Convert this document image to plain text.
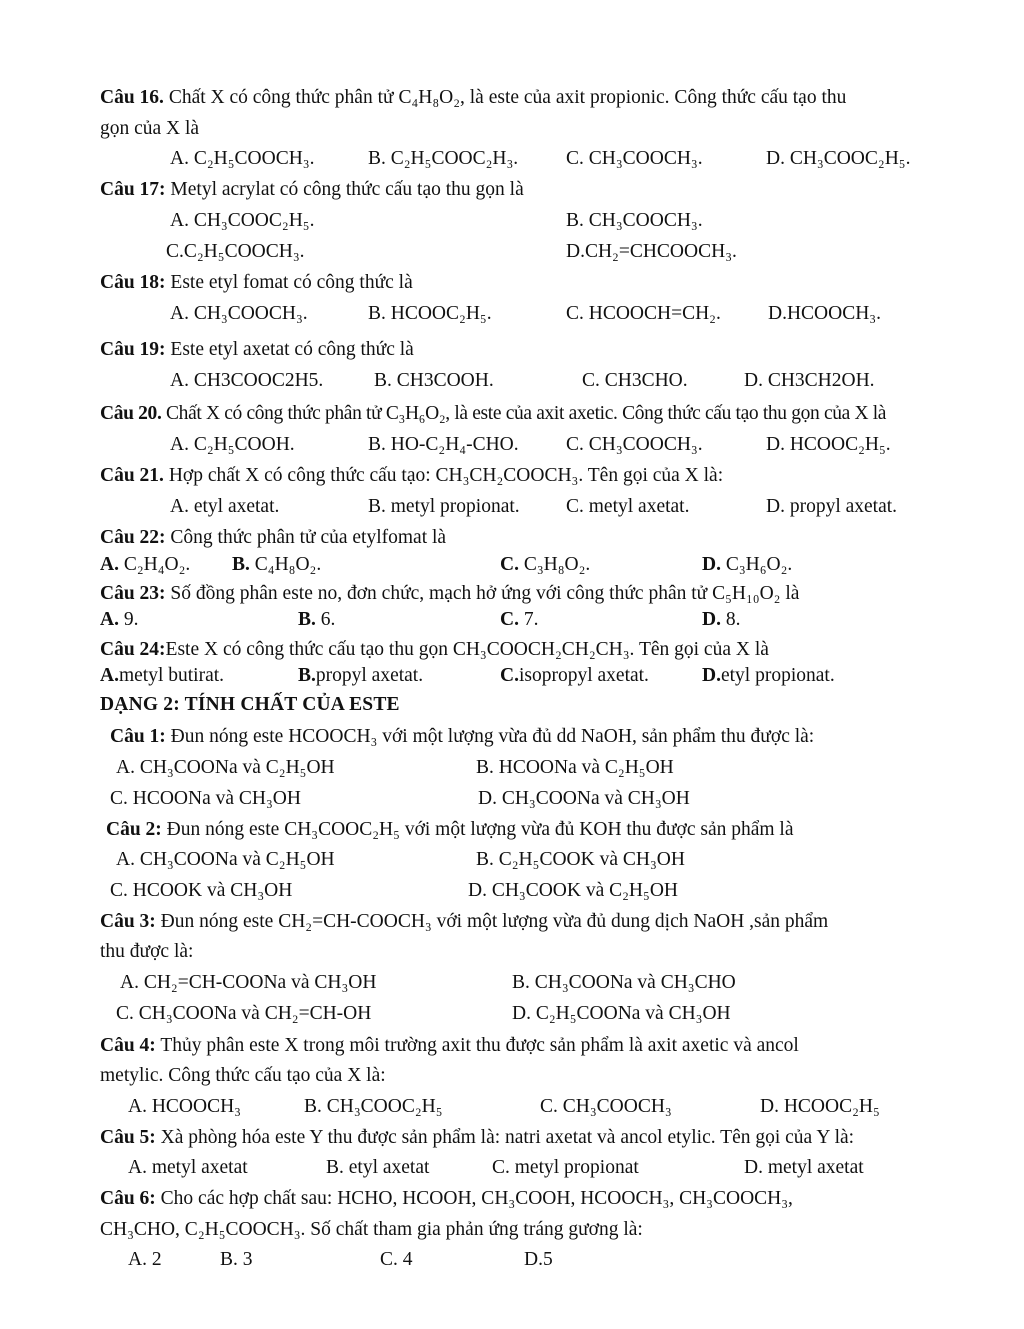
Câu 16. Chất X có công thức phân tử C₄H₈O₂, là este của axit propionic. Công thức cấu tạo thu
gọn của X là
A. C₂H₅COOCH₃.	B. C₂H₅COOC₂H₃. C. CH₃COOCH₃.	D. CH₃COOC₂H₅.
Câu 17: Metyl acrylat có công thức cấu tạo thu gọn là
A. CH₃COOC₂H₅.	B. CH₃COOCH₃.
C.C₂H₅COOCH₃.	D.CH₂=CHCOOCH₃.
Câu 18: Este etyl fomat có công thức là
A. CH₃COOCH₃.	B. HCOOC₂H₅.	C. HCOOCH=CH₂. D.HCOOCH₃.
Câu 19: Este etyl axetat có công thức là
A. CH3COOC2H5.	B. CH3COOH.	C. CH3CHO.	D. CH3CH2OH.
Câu 20. Chất X có công thức phân tử C₃H₆O₂, là este của axit axetic. Công thức cấu tạo thu gọn của X là
A. C₂H₅COOH.	B. HO-C₂H₄-CHO. C. CH₃COOCH₃.	D. HCOOC₂H₅.
Câu 21. Hợp chất X có công thức cấu tạo: CH₃CH₂COOCH₃. Tên gọi của X là:
A. etyl axetat.	B. metyl propionat. C. metyl axetat.	D. propyl axetat.
Câu 22: Công thức phân tử của etylfomat là
A. C₂H₄O₂. B. C₄H₈O₂.	C. C₃H₈O₂.	D. C₃H₆O₂.
Câu 23: Số đồng phân este no, đơn chức, mạch hở ứng với công thức phân tử C₅H₁₀O₂ là
A. 9.	B. 6.	C. 7.	D. 8.
Câu 24:Este X có công thức cấu tạo thu gọn CH₃COOCH₂CH₂CH₃. Tên gọi của X là
A.metyl butirat.	B.propyl axetat.	C.isopropyl axetat.	D.etyl propionat.
DẠNG 2: TÍNH CHẤT CỦA ESTE
Câu 1: Đun nóng este HCOOCH₃ với một lượng vừa đủ dd NaOH, sản phẩm thu được là:
A. CH₃COONa và C₂H₅OH	B. HCOONa và C₂H₅OH
C. HCOONa và CH₃OH	D. CH₃COONa và CH₃OH
Câu 2: Đun nóng este CH₃COOC₂H₅ với một lượng vừa đủ KOH thu được sản phẩm là
A. CH₃COONa và C₂H₅OH	B. C₂H₅COOK và CH₃OH
C. HCOOK và CH₃OH	D. CH₃COOK và C₂H₅OH
Câu 3: Đun nóng este CH₂=CH-COOCH₃ với một lượng vừa đủ dung dịch NaOH ,sản phẩm
thu được là:
A. CH₂=CH-COONa và CH₃OH	B. CH₃COONa và CH₃CHO
C. CH₃COONa và CH₂=CH-OH	D. C₂H₅COONa và CH₃OH
Câu 4: Thủy phân este X trong môi trường axit thu được sản phẩm là axit axetic và ancol
metylic. Công thức cấu tạo của X là:
A. HCOOCH₃	B. CH₃COOC₂H₅	C. CH₃COOCH₃	D. HCOOC₂H₅
Câu 5: Xà phòng hóa este Y thu được sản phẩm là: natri axetat và ancol etylic. Tên gọi của Y là:
A. metyl axetat	B. etyl axetat	C. metyl propionat	D. metyl axetat
Câu 6: Cho các hợp chất sau: HCHO, HCOOH, CH₃COOH, HCOOCH₃, CH₃COOCH₃,
CH₃CHO, C₂H₅COOCH₃. Số chất tham gia phản ứng tráng gương là:
A. 2	B. 3	C. 4	D.5
